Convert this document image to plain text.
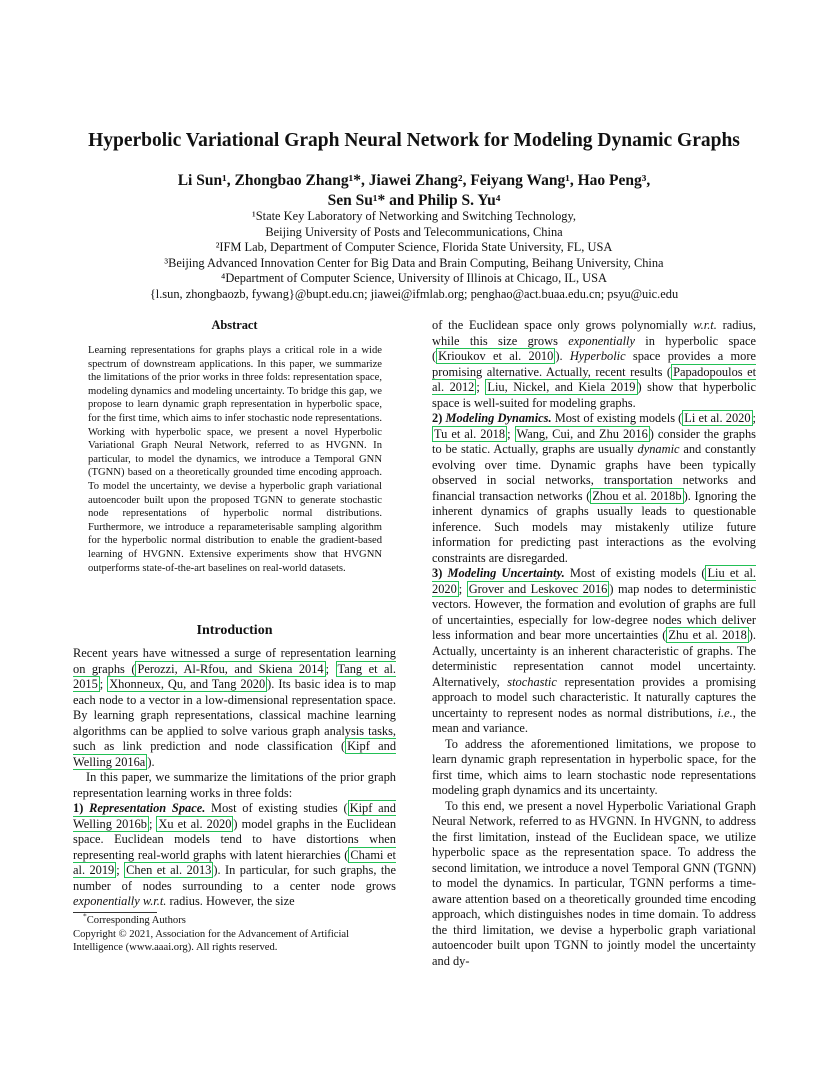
Hyperbolic Variational Graph Neural Network for Modeling Dynamic Graphs
Li Sun¹, Zhongbao Zhang¹*, Jiawei Zhang², Feiyang Wang¹, Hao Peng³,
Sen Su¹* and Philip S. Yu⁴
¹State Key Laboratory of Networking and Switching Technology,
Beijing University of Posts and Telecommunications, China
²IFM Lab, Department of Computer Science, Florida State University, FL, USA
³Beijing Advanced Innovation Center for Big Data and Brain Computing, Beihang University, China
⁴Department of Computer Science, University of Illinois at Chicago, IL, USA
{l.sun, zhongbaozb, fywang}@bupt.edu.cn; jiawei@ifmlab.org; penghao@act.buaa.edu.cn; psyu@uic.edu
Abstract
Learning representations for graphs plays a critical role in a wide spectrum of downstream applications. In this paper, we summarize the limitations of the prior works in three folds: representation space, modeling dynamics and modeling uncertainty. To bridge this gap, we propose to learn dynamic graph representation in hyperbolic space, for the first time, which aims to infer stochastic node representations. Working with hyperbolic space, we present a novel Hyperbolic Variational Graph Neural Network, referred to as HVGNN. In particular, to model the dynamics, we introduce a Temporal GNN (TGNN) based on a theoretically grounded time encoding approach. To model the uncertainty, we devise a hyperbolic graph variational autoencoder built upon the proposed TGNN to generate stochastic node representations of hyperbolic normal distributions. Furthermore, we introduce a reparameterisable sampling algorithm for the hyperbolic normal distribution to enable the gradient-based learning of HVGNN. Extensive experiments show that HVGNN outperforms state-of-the-art baselines on real-world datasets.
Introduction

Recent years have witnessed a surge of representation learning on graphs ( Perozzi, Al-Rfou, and Skiena 2014 ; Tang et al. 2015 ; Xhonneux, Qu, and Tang 2020 ). Its basic idea is to map each node to a vector in a low-dimensional representation space. By learning graph representations, classical machine learning algorithms can be applied to solve various graph analysis tasks, such as link prediction and node classification ( Kipf and Welling 2016a ).

In this paper, we summarize the limitations of the prior graph representation learning works in three folds:

1) Representation Space. Most of existing studies ( Kipf and Welling 2016b ; Xu et al. 2020 ) model graphs in the Euclidean space. Euclidean models tend to have distortions when representing real-world graphs with latent hierarchies ( Chami et al. 2019 ; Chen et al. 2013 ). In particular, for such graphs, the number of nodes surrounding to a center node grows exponentially w.r.t. radius. However, the size

*Corresponding Authors
Copyright © 2021, Association for the Advancement of Artificial Intelligence (www.aaai.org). All rights reserved.

of the Euclidean space only grows polynomially w.r.t. radius, while this size grows exponentially in hyperbolic space ( Krioukov et al. 2010 ). Hyperbolic space provides a more promising alternative. Actually, recent results ( Papadopoulos et al. 2012 ; Liu, Nickel, and Kiela 2019 ) show that hyperbolic space is well-suited for modeling graphs.

2) Modeling Dynamics. Most of existing models ( Li et al. 2020 ; Tu et al. 2018 ; Wang, Cui, and Zhu 2016 ) consider the graphs to be static. Actually, graphs are usually dynamic and constantly evolving over time. Dynamic graphs have been typically observed in social networks, transportation networks and financial transaction networks ( Zhou et al. 2018b ). Ignoring the inherent dynamics of graphs usually leads to questionable inference. Such models may mistakenly utilize future information for predicting past interactions as the evolving constraints are disregarded.

3) Modeling Uncertainty. Most of existing models ( Liu et al. 2020 ; Grover and Leskovec 2016 ) map nodes to deterministic vectors. However, the formation and evolution of graphs are full of uncertainties, especially for low-degree nodes which deliver less information and bear more uncertainties ( Zhu et al. 2018 ). Actually, uncertainty is an inherent characteristic of graphs. The deterministic representation cannot model uncertainty. Alternatively, stochastic representation provides a promising approach to model such characteristic. It naturally captures the uncertainty to represent nodes as normal distributions, i.e., the mean and variance.

To address the aforementioned limitations, we propose to learn dynamic graph representation in hyperbolic space, for the first time, which aims to learn stochastic node representations modeling graph dynamics and its uncertainty.

To this end, we present a novel Hyperbolic Variational Graph Neural Network, referred to as HVGNN. In HVGNN, to address the first limitation, instead of the Euclidean space, we utilize hyperbolic space as the representation space. To address the second limitation, we introduce a novel Temporal GNN (TGNN) to model the dynamics. In particular, TGNN performs a time-aware attention based on a theoretically grounded time encoding approach, which distinguishes nodes in time domain. To address the third limitation, we devise a hyperbolic graph variational autoencoder built upon TGNN to jointly model the uncertainty and dy-
